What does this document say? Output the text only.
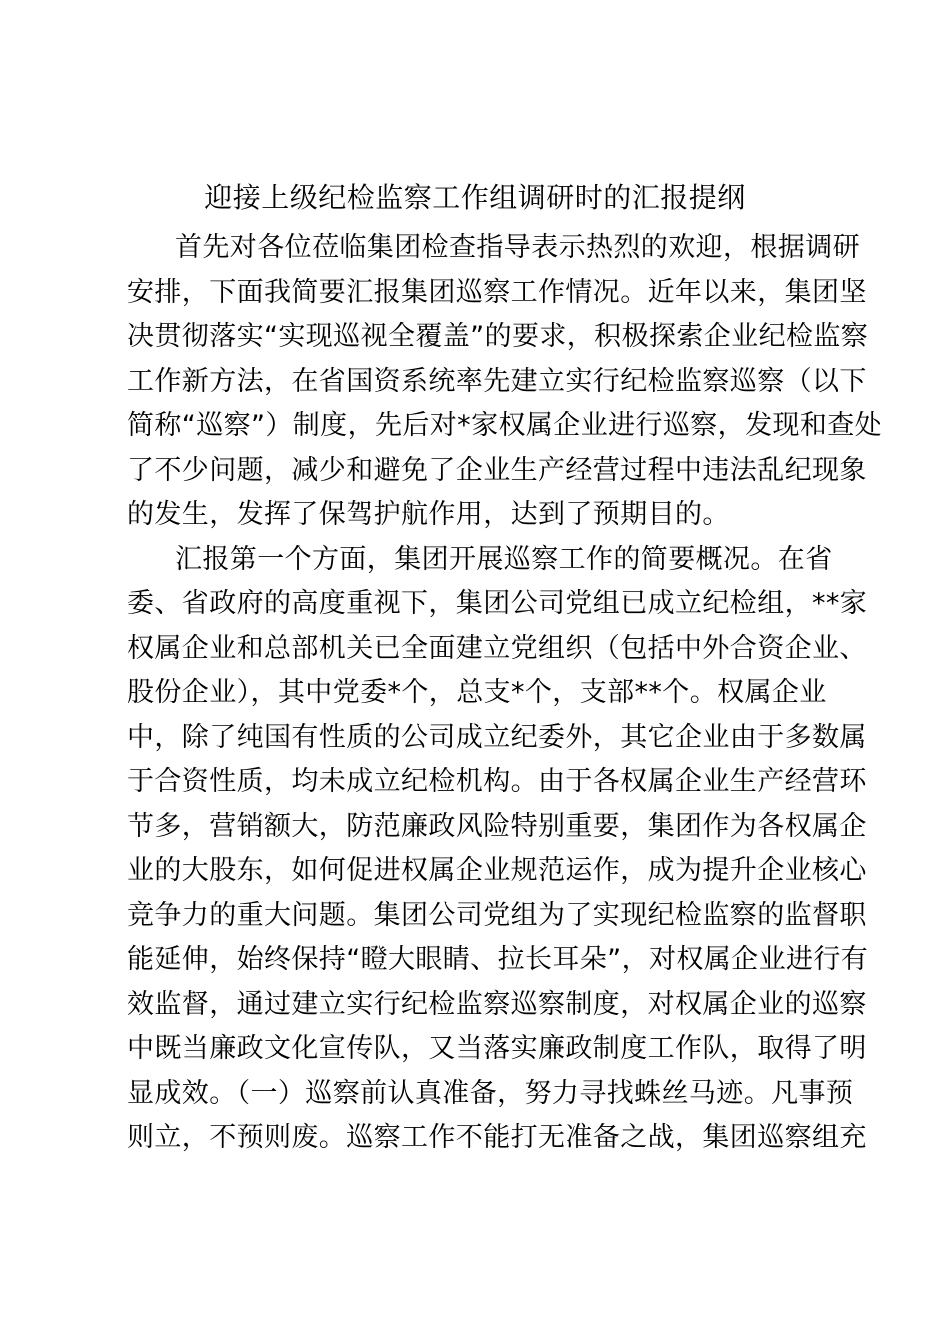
迎接上级纪检监察工作组调研时的汇报提纲
首先对各位莅临集团检查指导表示热烈的欢迎，根据调研
安排，下面我简要汇报集团巡察工作情况。近年以来，集团坚
决贯彻落实“实现巡视全覆盖”的要求，积极探索企业纪检监察
工作新方法，在省国资系统率先建立实行纪检监察巡察（以下
简称“巡察”）制度，先后对*家权属企业进行巡察，发现和查处
了不少问题，减少和避免了企业生产经营过程中违法乱纪现象
的发生，发挥了保驾护航作用，达到了预期目的。
汇报第一个方面，集团开展巡察工作的简要概况。在省
委、省政府的高度重视下，集团公司党组已成立纪检组，**家
权属企业和总部机关已全面建立党组织（包括中外合资企业、
股份企业），其中党委*个，总支*个，支部**个。权属企业
中，除了纯国有性质的公司成立纪委外，其它企业由于多数属
于合资性质，均未成立纪检机构。由于各权属企业生产经营环
节多，营销额大，防范廉政风险特别重要，集团作为各权属企
业的大股东，如何促进权属企业规范运作，成为提升企业核心
竞争力的重大问题。集团公司党组为了实现纪检监察的监督职
能延伸，始终保持“瞪大眼睛、拉长耳朵”，对权属企业进行有
效监督，通过建立实行纪检监察巡察制度，对权属企业的巡察
中既当廉政文化宣传队，又当落实廉政制度工作队，取得了明
显成效。（一）巡察前认真准备，努力寻找蛛丝马迹。凡事预
则立，不预则废。巡察工作不能打无准备之战，集团巡察组充
